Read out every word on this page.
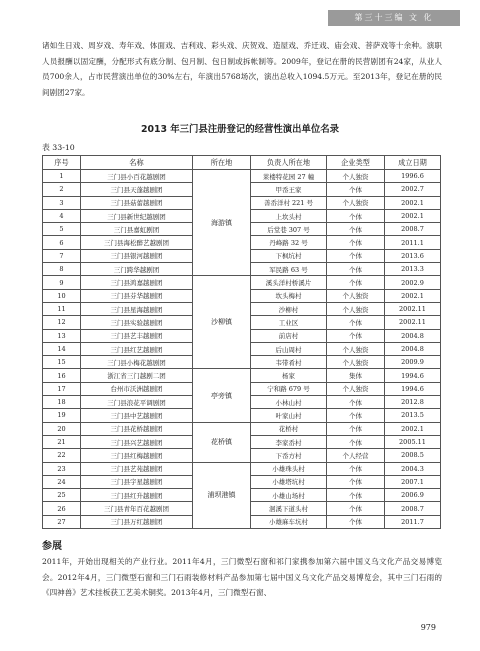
第三十三编 文 化
诸如生日戏、周岁戏、寿年戏、体面戏、吉利戏、彩头戏、庆贺戏、造屋戏、乔迁戏、庙会戏、菩萨戏等十余种。演职人员报酬以固定酬，分配形式有底分制、包月制、包日制或拆帐制等。2009年，登记在册的民营剧团有24家，从业人员700余人，占市民营演出单位的30%左右，年演出5768场次，演出总收入1094.5万元。至2013年，登记在册的民间剧团27家。
2013 年三门县注册登记的经营性演出单位名录
表 33-10
序号	名称	所在地	负责人所在地	企业类型	成立日期
1	三门县小百花越剧团	海游镇	莱楼特花园 27 幢	个人独资	1996.6
2	三门县天蓬越剧团		甲岙王家	个体	2002.7
3	三门县菇蕾越剧团		善岙洋村 221 号	个人独资	2002.1
4	三门县新世纪越剧团		上坎头村	个体	2002.1
5	三门县嘉虹剧团		后堂巷 307 号	个体	2008.7
6	三门县海松醉艺越剧团		丹峰路 32 号	个体	2011.1
7	三门县银河越剧团		下枫坑村	个体	2013.6
8	三门跨华越剧团		军民路 63 号	个体	2013.3
9	三门县鸿嘉越剧团	沙柳镇	溪头洋村桥溪片	个体	2002.9
10	三门县芬华越剧团		坎头梅村	个人独资	2002.1
11	三门县星海越剧团		沙柳村	个人独资	2002.11
12	三门县实验越剧团		工业区	个体	2002.11
13	三门县艺丰越剧团		前店村	个体	2004.8
14	三门县红艺越剧团		后山周村	个人独资	2004.8
15	三门县小梅花越剧团		韦带肴村	个人独资	2009.9
16	浙江省三门越剧二团	亭旁镇	杨家	集体	1994.6
17	台州市沃洲越剧团		宁和路 679 号	个人独资	1994.6
18	三门县浪花平调剧团		小林山村	个体	2012.8
19	三门县中艺越剧团		叶家山村	个体	2013.5
20	三门县花桥越剧团	花桥镇	花桥村	个体	2002.1
21	三门县兴艺越剧团		李家岙村	个体	2005.11
22	三门县红梅越剧团		下岙方村	个人经营	2008.5
23	三门县艺苑越剧团	浦坝港镇	小雄珠头村	个体	2004.3
24	三门县宇星越剧团		小雄塔坑村	个体	2007.1
25	三门县红升越剧团		小雄山场村	个体	2006.9
26	三门县青年百花越剧团		洄溪下道头村	个体	2008.7
27	三门县万红越剧团		小雄麻车坑村	个体	2011.7
参展
2011年，开始出现相关的产业行业。2011年4月，三门微型石窗和祁门家携参加第六届中国义乌文化产品交易博览会。2012年4月，三门微型石窗和三门石雨装修材料产品参加第七届中国义乌文化产品交易博览会，其中三门石雨的《四神兽》艺术挂板获工艺美术铜奖。2013年4月，三门微型石窗、
979
